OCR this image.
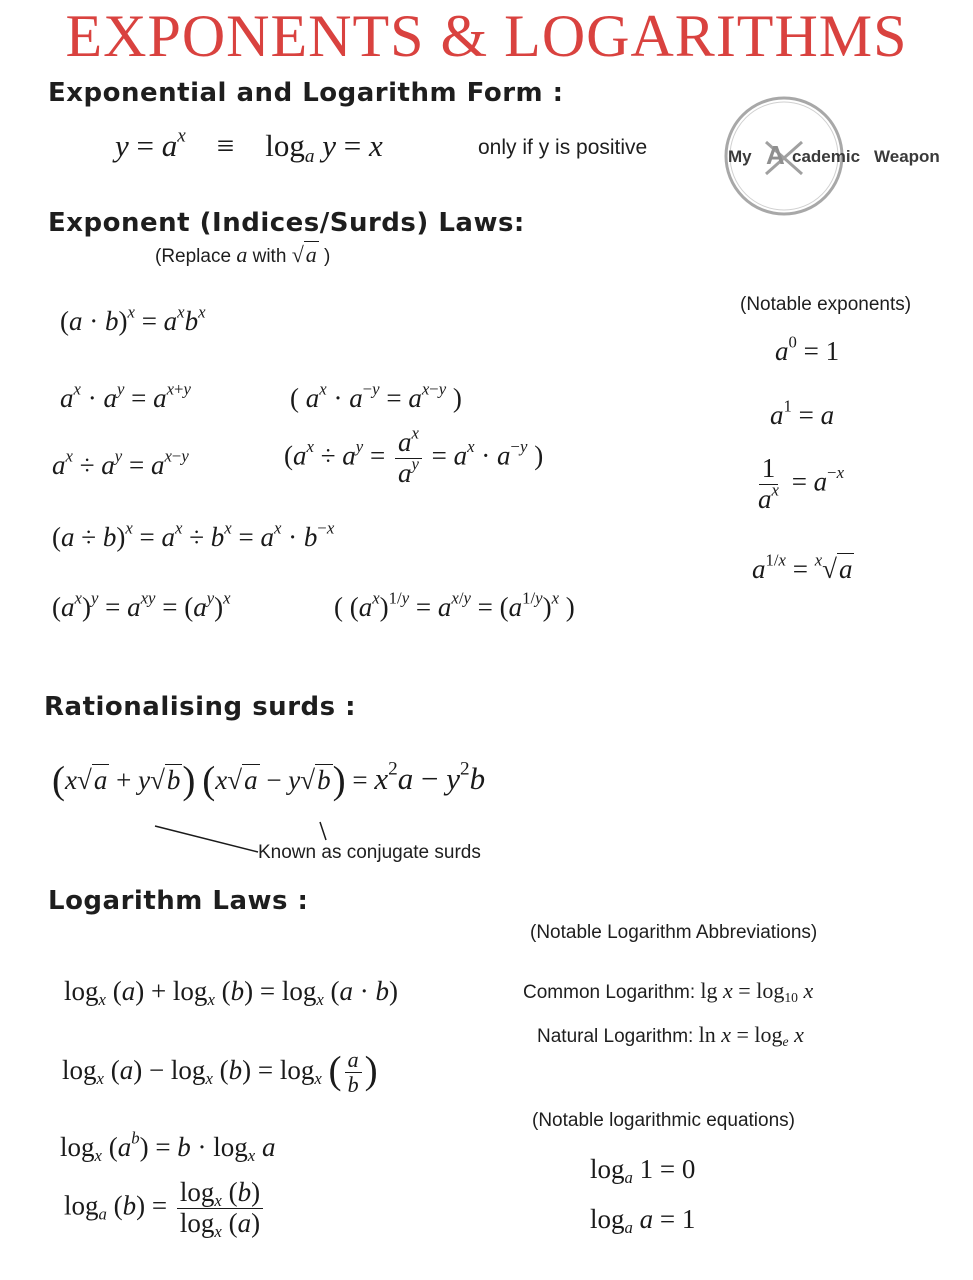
EXPONENTS & LOGARITHMS
My A cademic Weapon
Exponential and Logarithm Form :
$y = a^x$    ≡    $\log_a y = x$	only if y is positive
Exponent (Indices/Surds) Laws:
(Replace a with √a )
(Notable exponents)
$(a \cdot b)^x = a^xb^x$
$a^x \cdot a^y = a^{x+y}$	( $a^x \cdot a^{-y} = a^{x-y}$ )
$a^x \div a^y = a^{x-y}$	($a^x \div a^y = \frac{a^x}{a^y} = a^x \cdot a^{-y}$ )
$(a \div b)^x = a^x \div b^x = a^x \cdot b^{-x}$
$(a^x)^y = a^{xy} = (a^y)^x$	( $(a^x)^{1/y} = a^{x/y} = (a^{1/y})^x$ )
$a^0 = 1$
$a^1 = a$
$\frac{1}{a^x} = a^{-x}$
$a^{1/x} = ^x√a$
Rationalising surds :
(x√a + y√b) $(x√a - y√b) = x^2a - y^2b$
Known as conjugate surds
Logarithm Laws :
(Notable Logarithm Abbreviations)
$\log_x (a) + \log_x (b) = \log_x (a \cdot b)$	Common Logarithm: $\lg x = \log_{10} x$
Natural Logarithm: $\ln x = \log_e x$
$\log_x (a) - \log_x (b) = \log_x$ ( $\frac{a}{b}$ )
(Notable logarithmic equations)
$\log_x (a^b) = b \cdot \log_x a$
$\log_a 1 = 0$
$\log_a (b) = \frac{\log_x (b)}{\log_x (a)}$	$\log_a a = 1$
